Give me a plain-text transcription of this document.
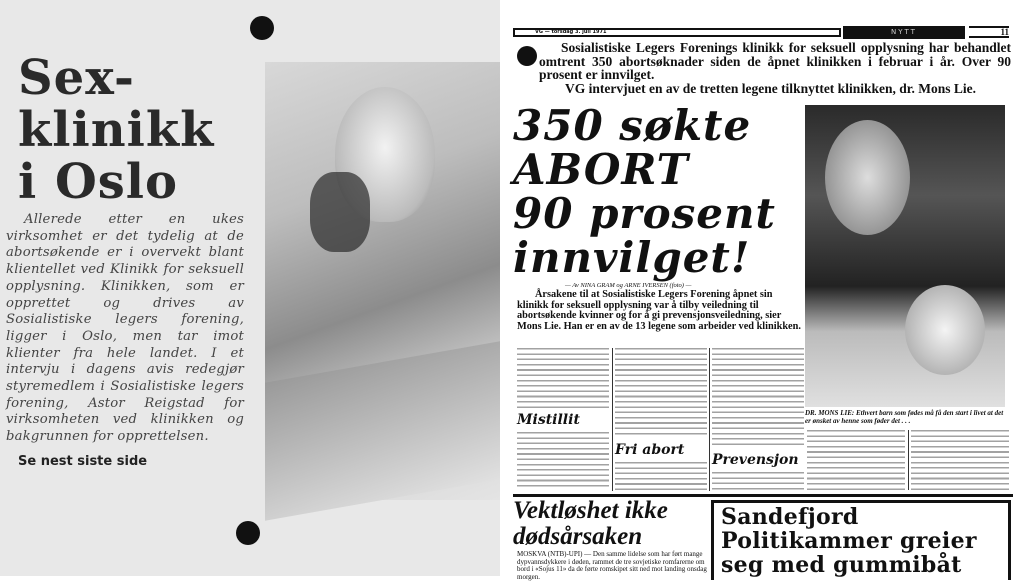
Sex-
klinikk
i Oslo
Allerede etter en ukes virksomhet er det tydelig at de abortsøkende er i overvekt blant klientellet ved Klinikk for seksuell opplysning. Klinikken, som er opprettet og drives av Sosialistiske legers forening, ligger i Oslo, men tar imot klienter fra hele landet. I et intervju i dagens avis redegjør styremedlem i Sosialistiske legers forening, Astor Reigstad for virksomheten ved klinikken og bakgrunnen for opprettelsen.
Se nest siste side
VG — torsdag 3. juli 1971	NYTT	11
Sosialistiske Legers Forenings klinikk for seksuell opplysning har behandlet omtrent 350 abortsøknader siden de åpnet klinikken i februar i år. Over 90 prosent er innvilget.
VG intervjuet en av de tretten legene tilknyttet klinikken, dr. Mons Lie.
350 søkte
ABORT
90 prosent
innvilget!
— Av NINA GRAM og ARNE IVERSEN (foto) —
Årsakene til at Sosialistiske Legers Forening åpnet sin klinikk for seksuell opplysning var å tilby veiledning til abortsøkende kvinner og for å gi prevensjonsveiledning, sier Mons Lie. Han er en av de 13 legene som arbeider ved klinikken.
DR. MONS LIE: Ethvert barn som fødes må få den start i livet at det er ønsket av henne som føder det . . .
Mistillit
Fri abort
Prevensjon
Vektløshet ikke dødsårsaken
MOSKVA (NTB)-UPI) — Den samme lidelse som har ført mange dypvannsdykkere i døden, rammet de tre sovjetiske romfarerne om bord i «Sojus 11» da de førte romskipet sitt ned mot landing onsdag morgen.
Sandefjord Politikammer greier seg med gummibåt
